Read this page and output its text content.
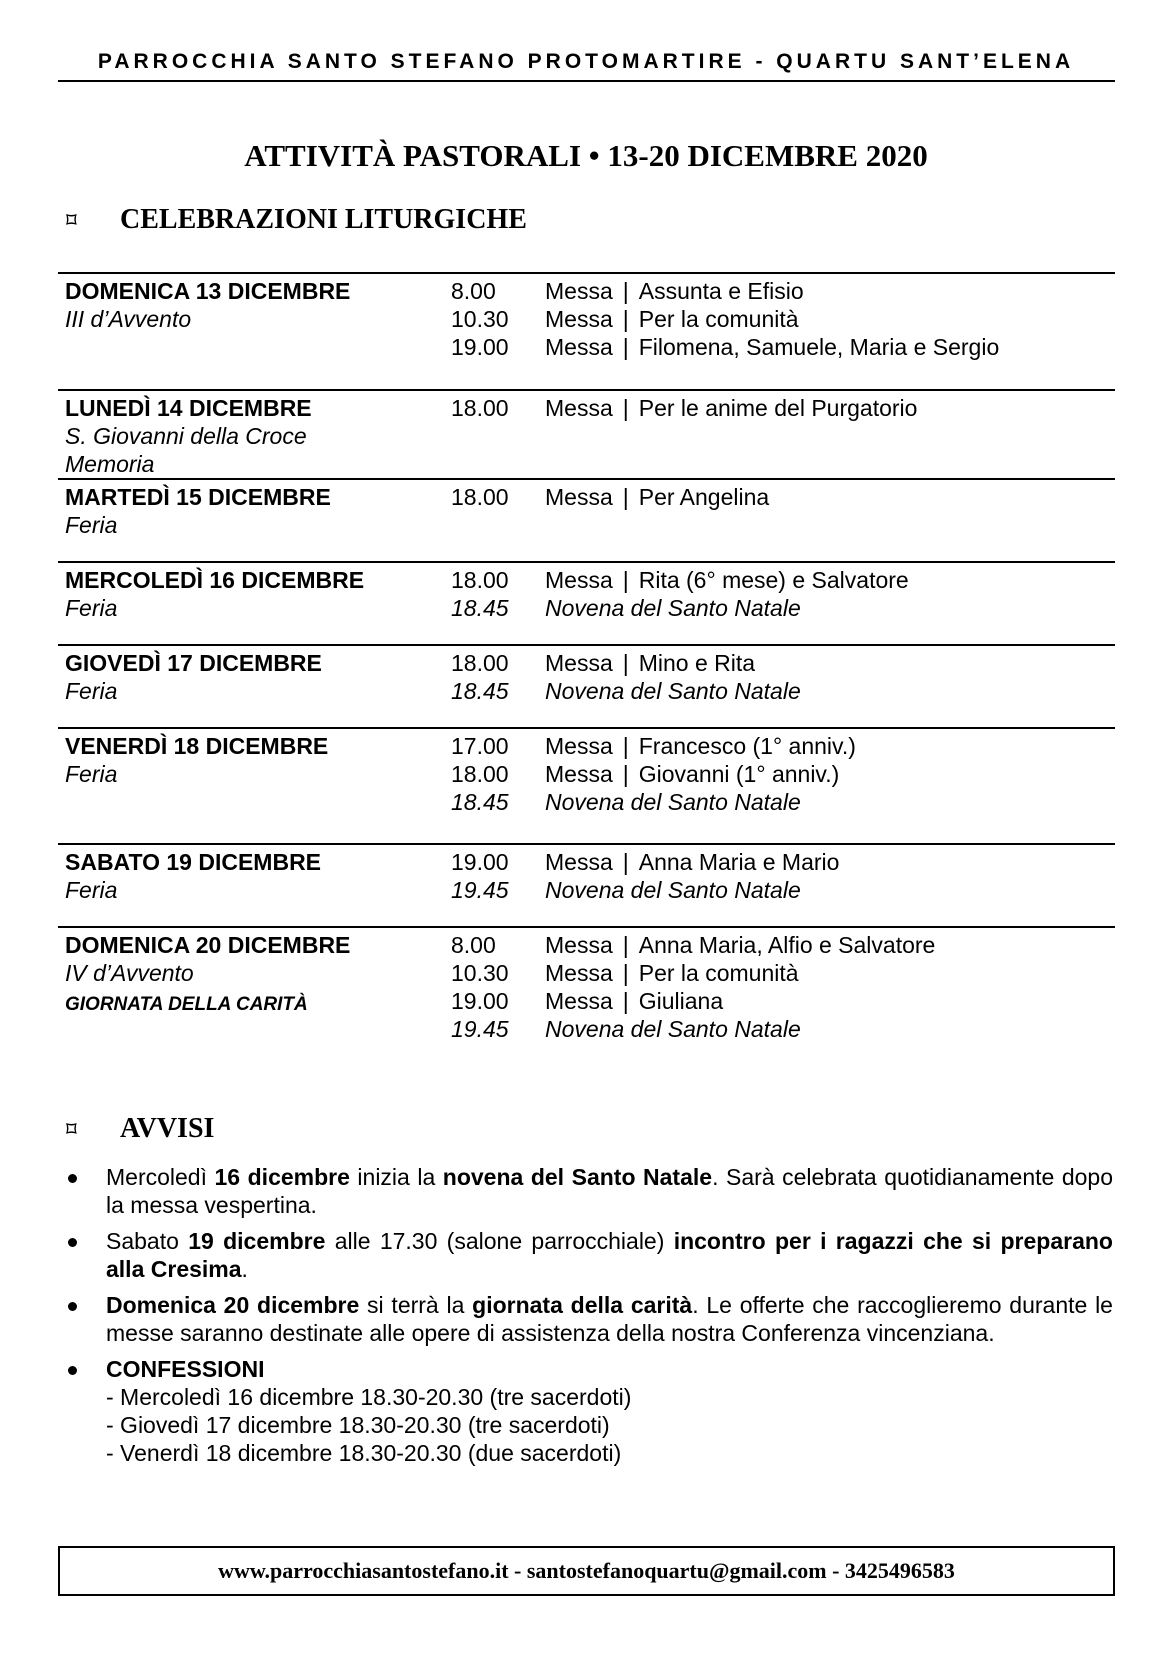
PARROCCHIA SANTO STEFANO PROTOMARTIRE - QUARTU SANT’ELENA
ATTIVITÀ PASTORALI • 13-20 DICEMBRE 2020
⌑	CELEBRAZIONI LITURGICHE
DOMENICA 13 DICEMBRE
III d’Avvento
8.00	Messa | Assunta e Efisio
10.30	Messa | Per la comunità
19.00	Messa | Filomena, Samuele, Maria e Sergio
LUNEDÌ 14 DICEMBRE
S. Giovanni della Croce
Memoria
18.00	Messa | Per le anime del Purgatorio
MARTEDÌ 15 DICEMBRE
Feria
18.00	Messa | Per Angelina
MERCOLEDÌ 16 DICEMBRE
Feria
18.00	Messa | Rita (6° mese) e Salvatore
18.45	Novena del Santo Natale
GIOVEDÌ 17 DICEMBRE
Feria
18.00	Messa | Mino e Rita
18.45	Novena del Santo Natale
VENERDÌ 18 DICEMBRE
Feria
17.00	Messa | Francesco (1° anniv.)
18.00	Messa | Giovanni (1° anniv.)
18.45	Novena del Santo Natale
SABATO 19 DICEMBRE
Feria
19.00	Messa | Anna Maria e Mario
19.45	Novena del Santo Natale
DOMENICA 20 DICEMBRE
IV d’Avvento
GIORNATA DELLA CARITÀ
8.00	Messa | Anna Maria, Alfio e Salvatore
10.30	Messa | Per la comunità
19.00	Messa | Giuliana
19.45	Novena del Santo Natale
⌑	AVVISI
Mercoledì 16 dicembre inizia la novena del Santo Natale. Sarà celebrata quotidianamente dopo la messa vespertina.
Sabato 19 dicembre alle 17.30 (salone parrocchiale) incontro per i ragazzi che si preparano alla Cresima.
Domenica 20 dicembre si terrà la giornata della carità. Le offerte che raccoglieremo durante le messe saranno destinate alle opere di assistenza della nostra Conferenza vincenziana.
CONFESSIONI
- Mercoledì 16 dicembre 18.30-20.30 (tre sacerdoti)
- Giovedì 17 dicembre 18.30-20.30 (tre sacerdoti)
- Venerdì 18 dicembre 18.30-20.30 (due sacerdoti)
www.parrocchiasantostefano.it - santostefanoquartu@gmail.com - 3425496583
